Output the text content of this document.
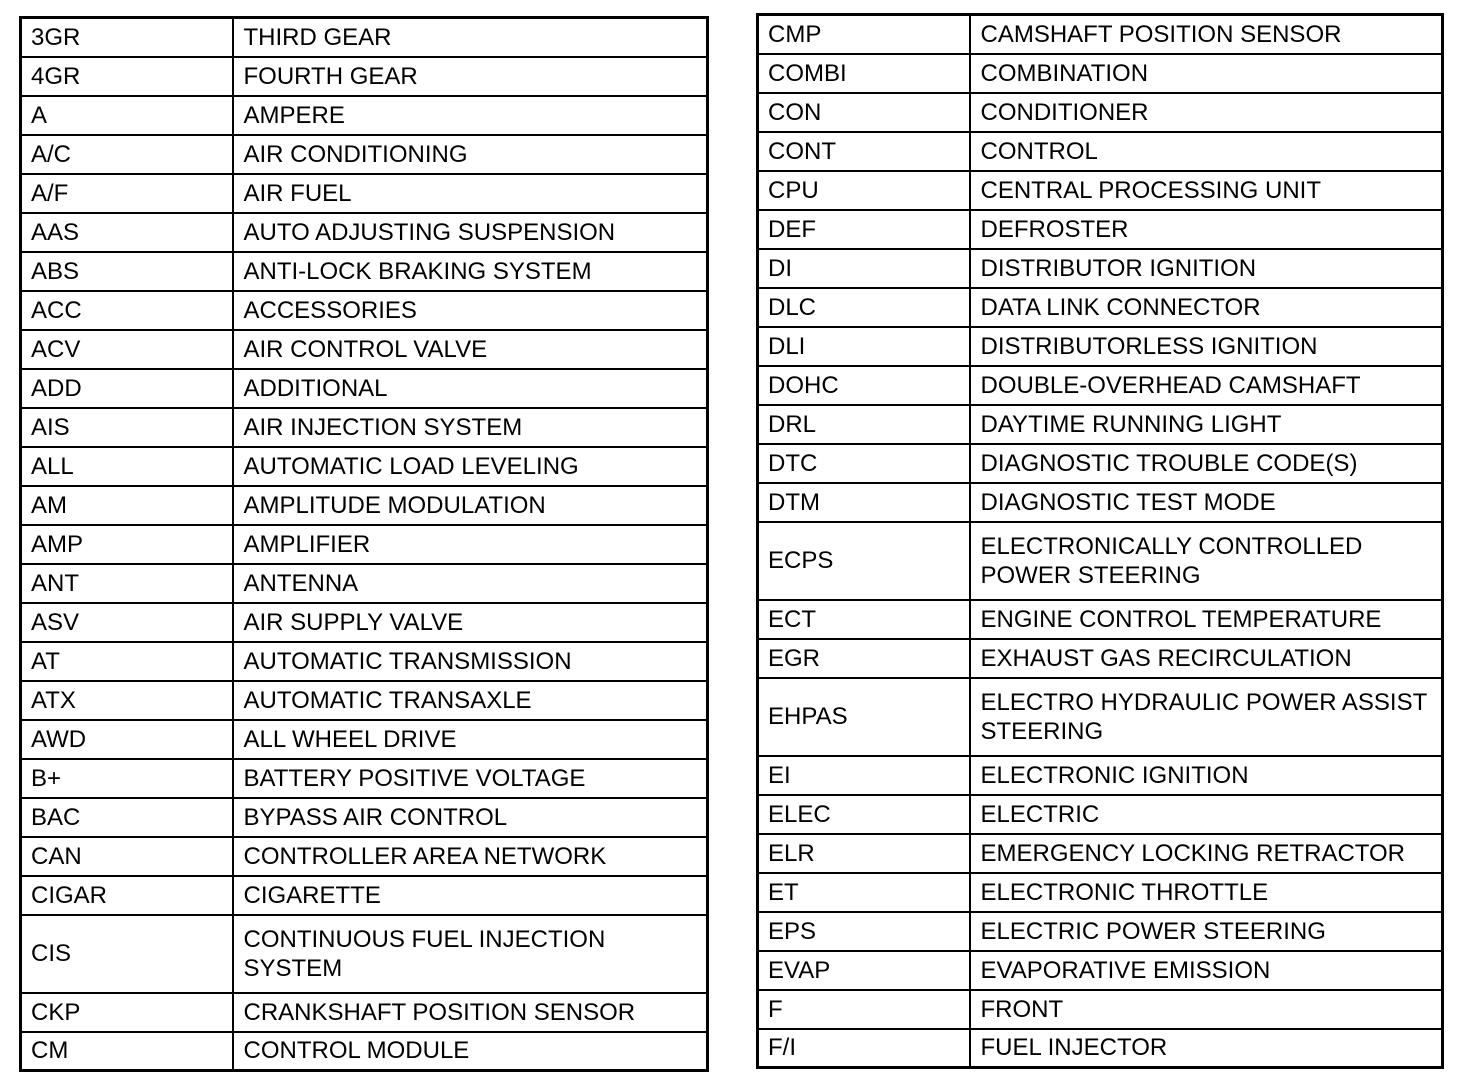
3GR	THIRD GEAR
4GR	FOURTH GEAR
A	AMPERE
A/C	AIR CONDITIONING
A/F	AIR FUEL
AAS	AUTO ADJUSTING SUSPENSION
ABS	ANTI-LOCK BRAKING SYSTEM
ACC	ACCESSORIES
ACV	AIR CONTROL VALVE
ADD	ADDITIONAL
AIS	AIR INJECTION SYSTEM
ALL	AUTOMATIC LOAD LEVELING
AM	AMPLITUDE MODULATION
AMP	AMPLIFIER
ANT	ANTENNA
ASV	AIR SUPPLY VALVE
AT	AUTOMATIC TRANSMISSION
ATX	AUTOMATIC TRANSAXLE
AWD	ALL WHEEL DRIVE
B+	BATTERY POSITIVE VOLTAGE
BAC	BYPASS AIR CONTROL
CAN	CONTROLLER AREA NETWORK
CIGAR	CIGARETTE
CIS	CONTINUOUS FUEL INJECTION SYSTEM
CKP	CRANKSHAFT POSITION SENSOR
CM	CONTROL MODULE
CMP	CAMSHAFT POSITION SENSOR
COMBI	COMBINATION
CON	CONDITIONER
CONT	CONTROL
CPU	CENTRAL PROCESSING UNIT
DEF	DEFROSTER
DI	DISTRIBUTOR IGNITION
DLC	DATA LINK CONNECTOR
DLI	DISTRIBUTORLESS IGNITION
DOHC	DOUBLE-OVERHEAD CAMSHAFT
DRL	DAYTIME RUNNING LIGHT
DTC	DIAGNOSTIC TROUBLE CODE(S)
DTM	DIAGNOSTIC TEST MODE
ECPS	ELECTRONICALLY CONTROLLED POWER STEERING
ECT	ENGINE CONTROL TEMPERATURE
EGR	EXHAUST GAS RECIRCULATION
EHPAS	ELECTRO HYDRAULIC POWER ASSIST STEERING
EI	ELECTRONIC IGNITION
ELEC	ELECTRIC
ELR	EMERGENCY LOCKING RETRACTOR
ET	ELECTRONIC THROTTLE
EPS	ELECTRIC POWER STEERING
EVAP	EVAPORATIVE EMISSION
F	FRONT
F/I	FUEL INJECTOR
